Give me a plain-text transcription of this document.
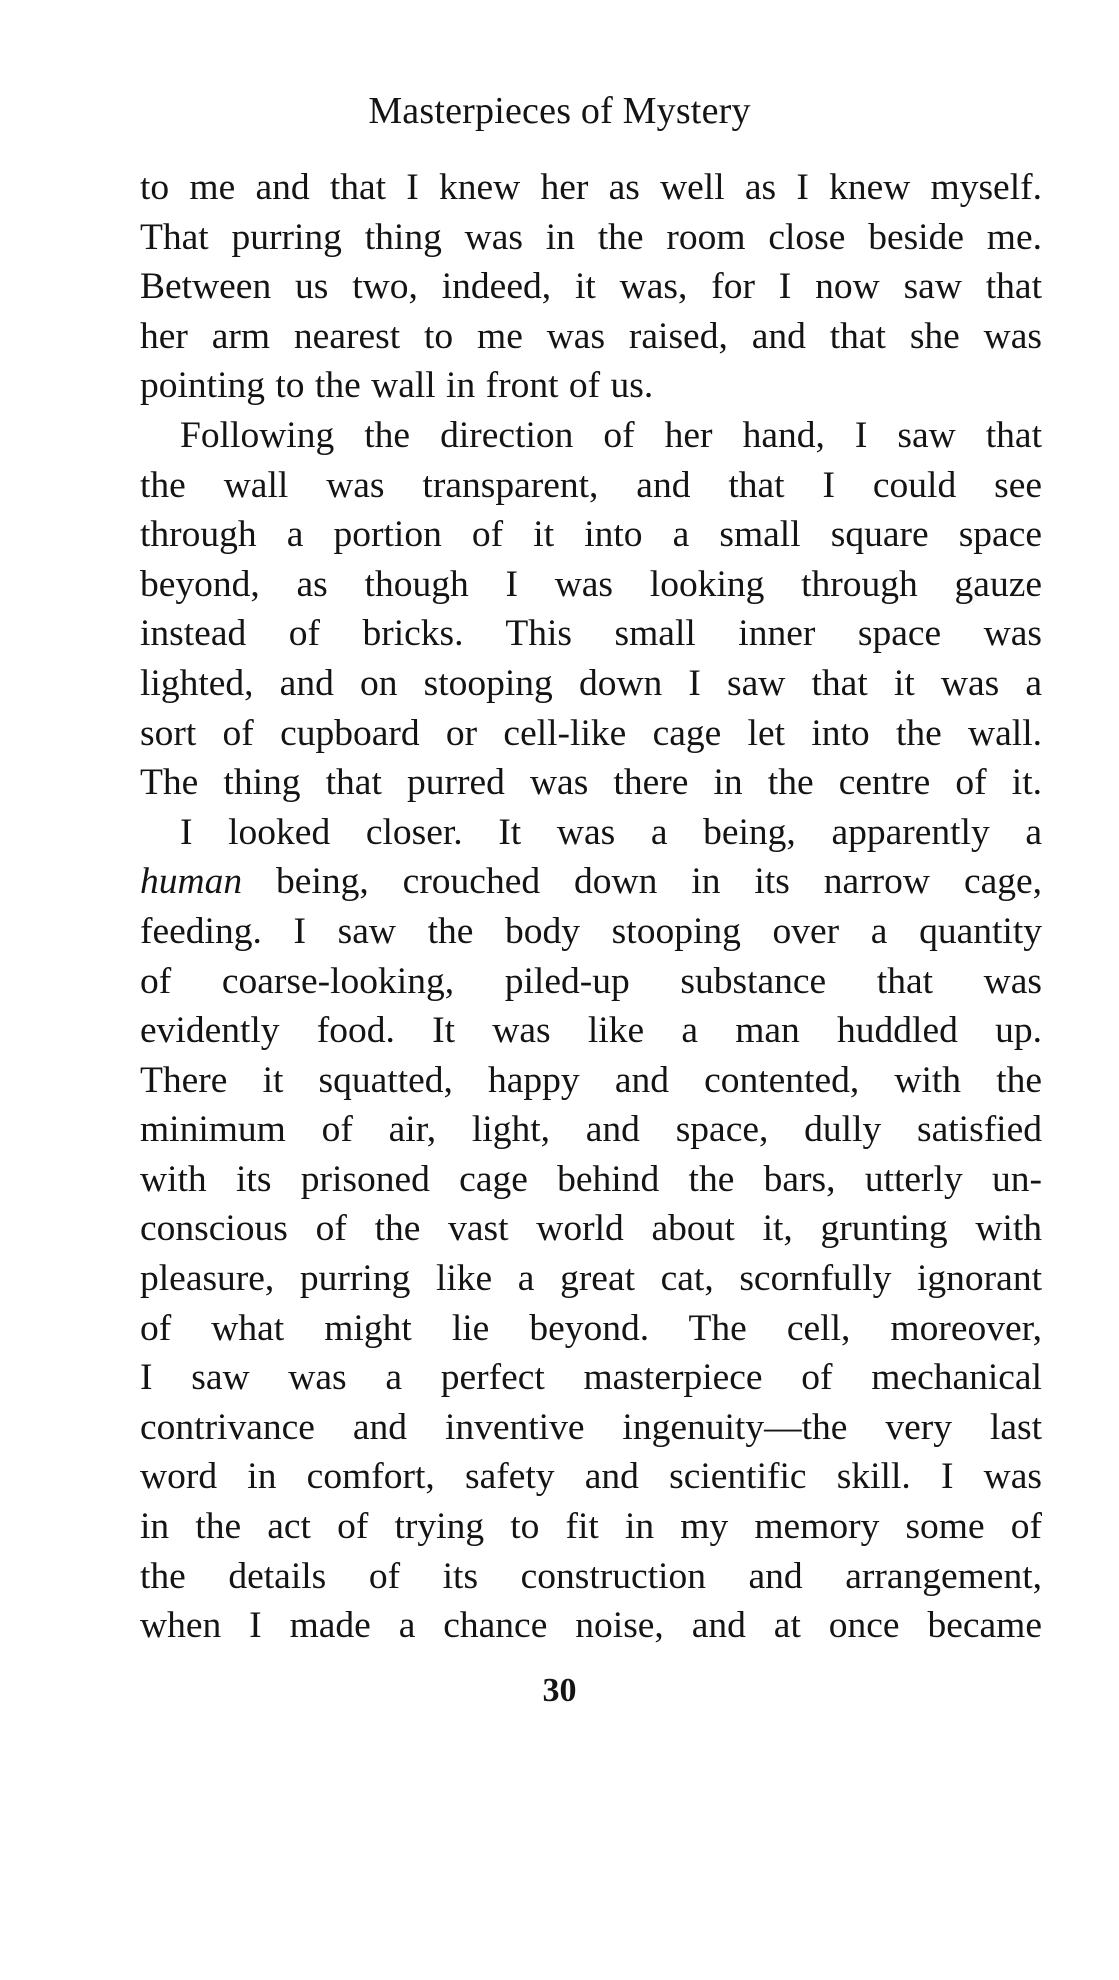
Masterpieces of Mystery
to me and that I knew her as well as I knew myself.
That purring thing was in the room close beside me.
Between us two, indeed, it was, for I now saw that
her arm nearest to me was raised, and that she was
pointing to the wall in front of us.
Following the direction of her hand, I saw that
the wall was transparent, and that I could see
through a portion of it into a small square space
beyond, as though I was looking through gauze
instead of bricks. This small inner space was
lighted, and on stooping down I saw that it was a
sort of cupboard or cell-like cage let into the wall.
The thing that purred was there in the centre of it.
I looked closer. It was a being, apparently a
human being, crouched down in its narrow cage,
feeding. I saw the body stooping over a quantity
of coarse-looking, piled-up substance that was
evidently food. It was like a man huddled up.
There it squatted, happy and contented, with the
minimum of air, light, and space, dully satisfied
with its prisoned cage behind the bars, utterly un-
conscious of the vast world about it, grunting with
pleasure, purring like a great cat, scornfully ignorant
of what might lie beyond. The cell, moreover,
I saw was a perfect masterpiece of mechanical
contrivance and inventive ingenuity—the very last
word in comfort, safety and scientific skill. I was
in the act of trying to fit in my memory some of
the details of its construction and arrangement,
when I made a chance noise, and at once became
30
